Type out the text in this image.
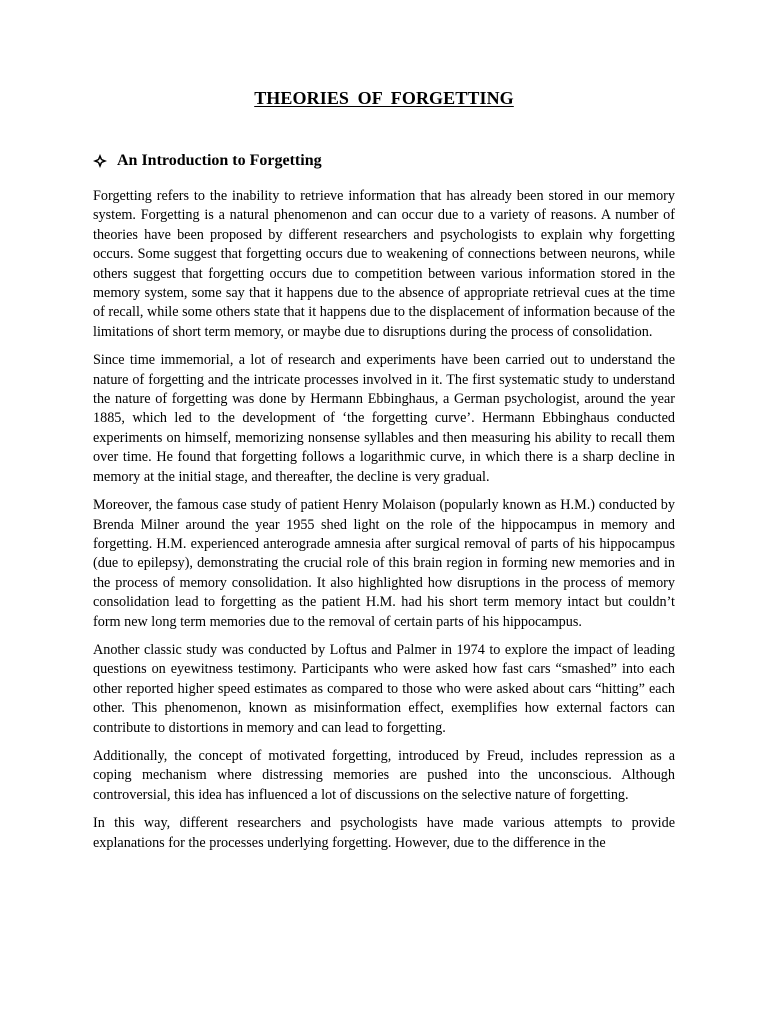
THEORIES OF FORGETTING
An Introduction to Forgetting

Forgetting refers to the inability to retrieve information that has already been stored in our memory system. Forgetting is a natural phenomenon and can occur due to a variety of reasons. A number of theories have been proposed by different researchers and psychologists to explain why forgetting occurs. Some suggest that forgetting occurs due to weakening of connections between neurons, while others suggest that forgetting occurs due to competition between various information stored in the memory system, some say that it happens due to the absence of appropriate retrieval cues at the time of recall, while some others state that it happens due to the displacement of information because of the limitations of short term memory, or maybe due to disruptions during the process of consolidation.

Since time immemorial, a lot of research and experiments have been carried out to understand the nature of forgetting and the intricate processes involved in it. The first systematic study to understand the nature of forgetting was done by Hermann Ebbinghaus, a German psychologist, around the year 1885, which led to the development of ‘the forgetting curve’. Hermann Ebbinghaus conducted experiments on himself, memorizing nonsense syllables and then measuring his ability to recall them over time. He found that forgetting follows a logarithmic curve, in which there is a sharp decline in memory at the initial stage, and thereafter, the decline is very gradual.

Moreover, the famous case study of patient Henry Molaison (popularly known as H.M.) conducted by Brenda Milner around the year 1955 shed light on the role of the hippocampus in memory and forgetting. H.M. experienced anterograde amnesia after surgical removal of parts of his hippocampus (due to epilepsy), demonstrating the crucial role of this brain region in forming new memories and in the process of memory consolidation. It also highlighted how disruptions in the process of memory consolidation lead to forgetting as the patient H.M. had his short term memory intact but couldn’t form new long term memories due to the removal of certain parts of his hippocampus.

Another classic study was conducted by Loftus and Palmer in 1974 to explore the impact of leading questions on eyewitness testimony. Participants who were asked how fast cars “smashed” into each other reported higher speed estimates as compared to those who were asked about cars “hitting” each other. This phenomenon, known as misinformation effect, exemplifies how external factors can contribute to distortions in memory and can lead to forgetting.

Additionally, the concept of motivated forgetting, introduced by Freud, includes repression as a coping mechanism where distressing memories are pushed into the unconscious. Although controversial, this idea has influenced a lot of discussions on the selective nature of forgetting.

In this way, different researchers and psychologists have made various attempts to provide explanations for the processes underlying forgetting. However, due to the difference in the
